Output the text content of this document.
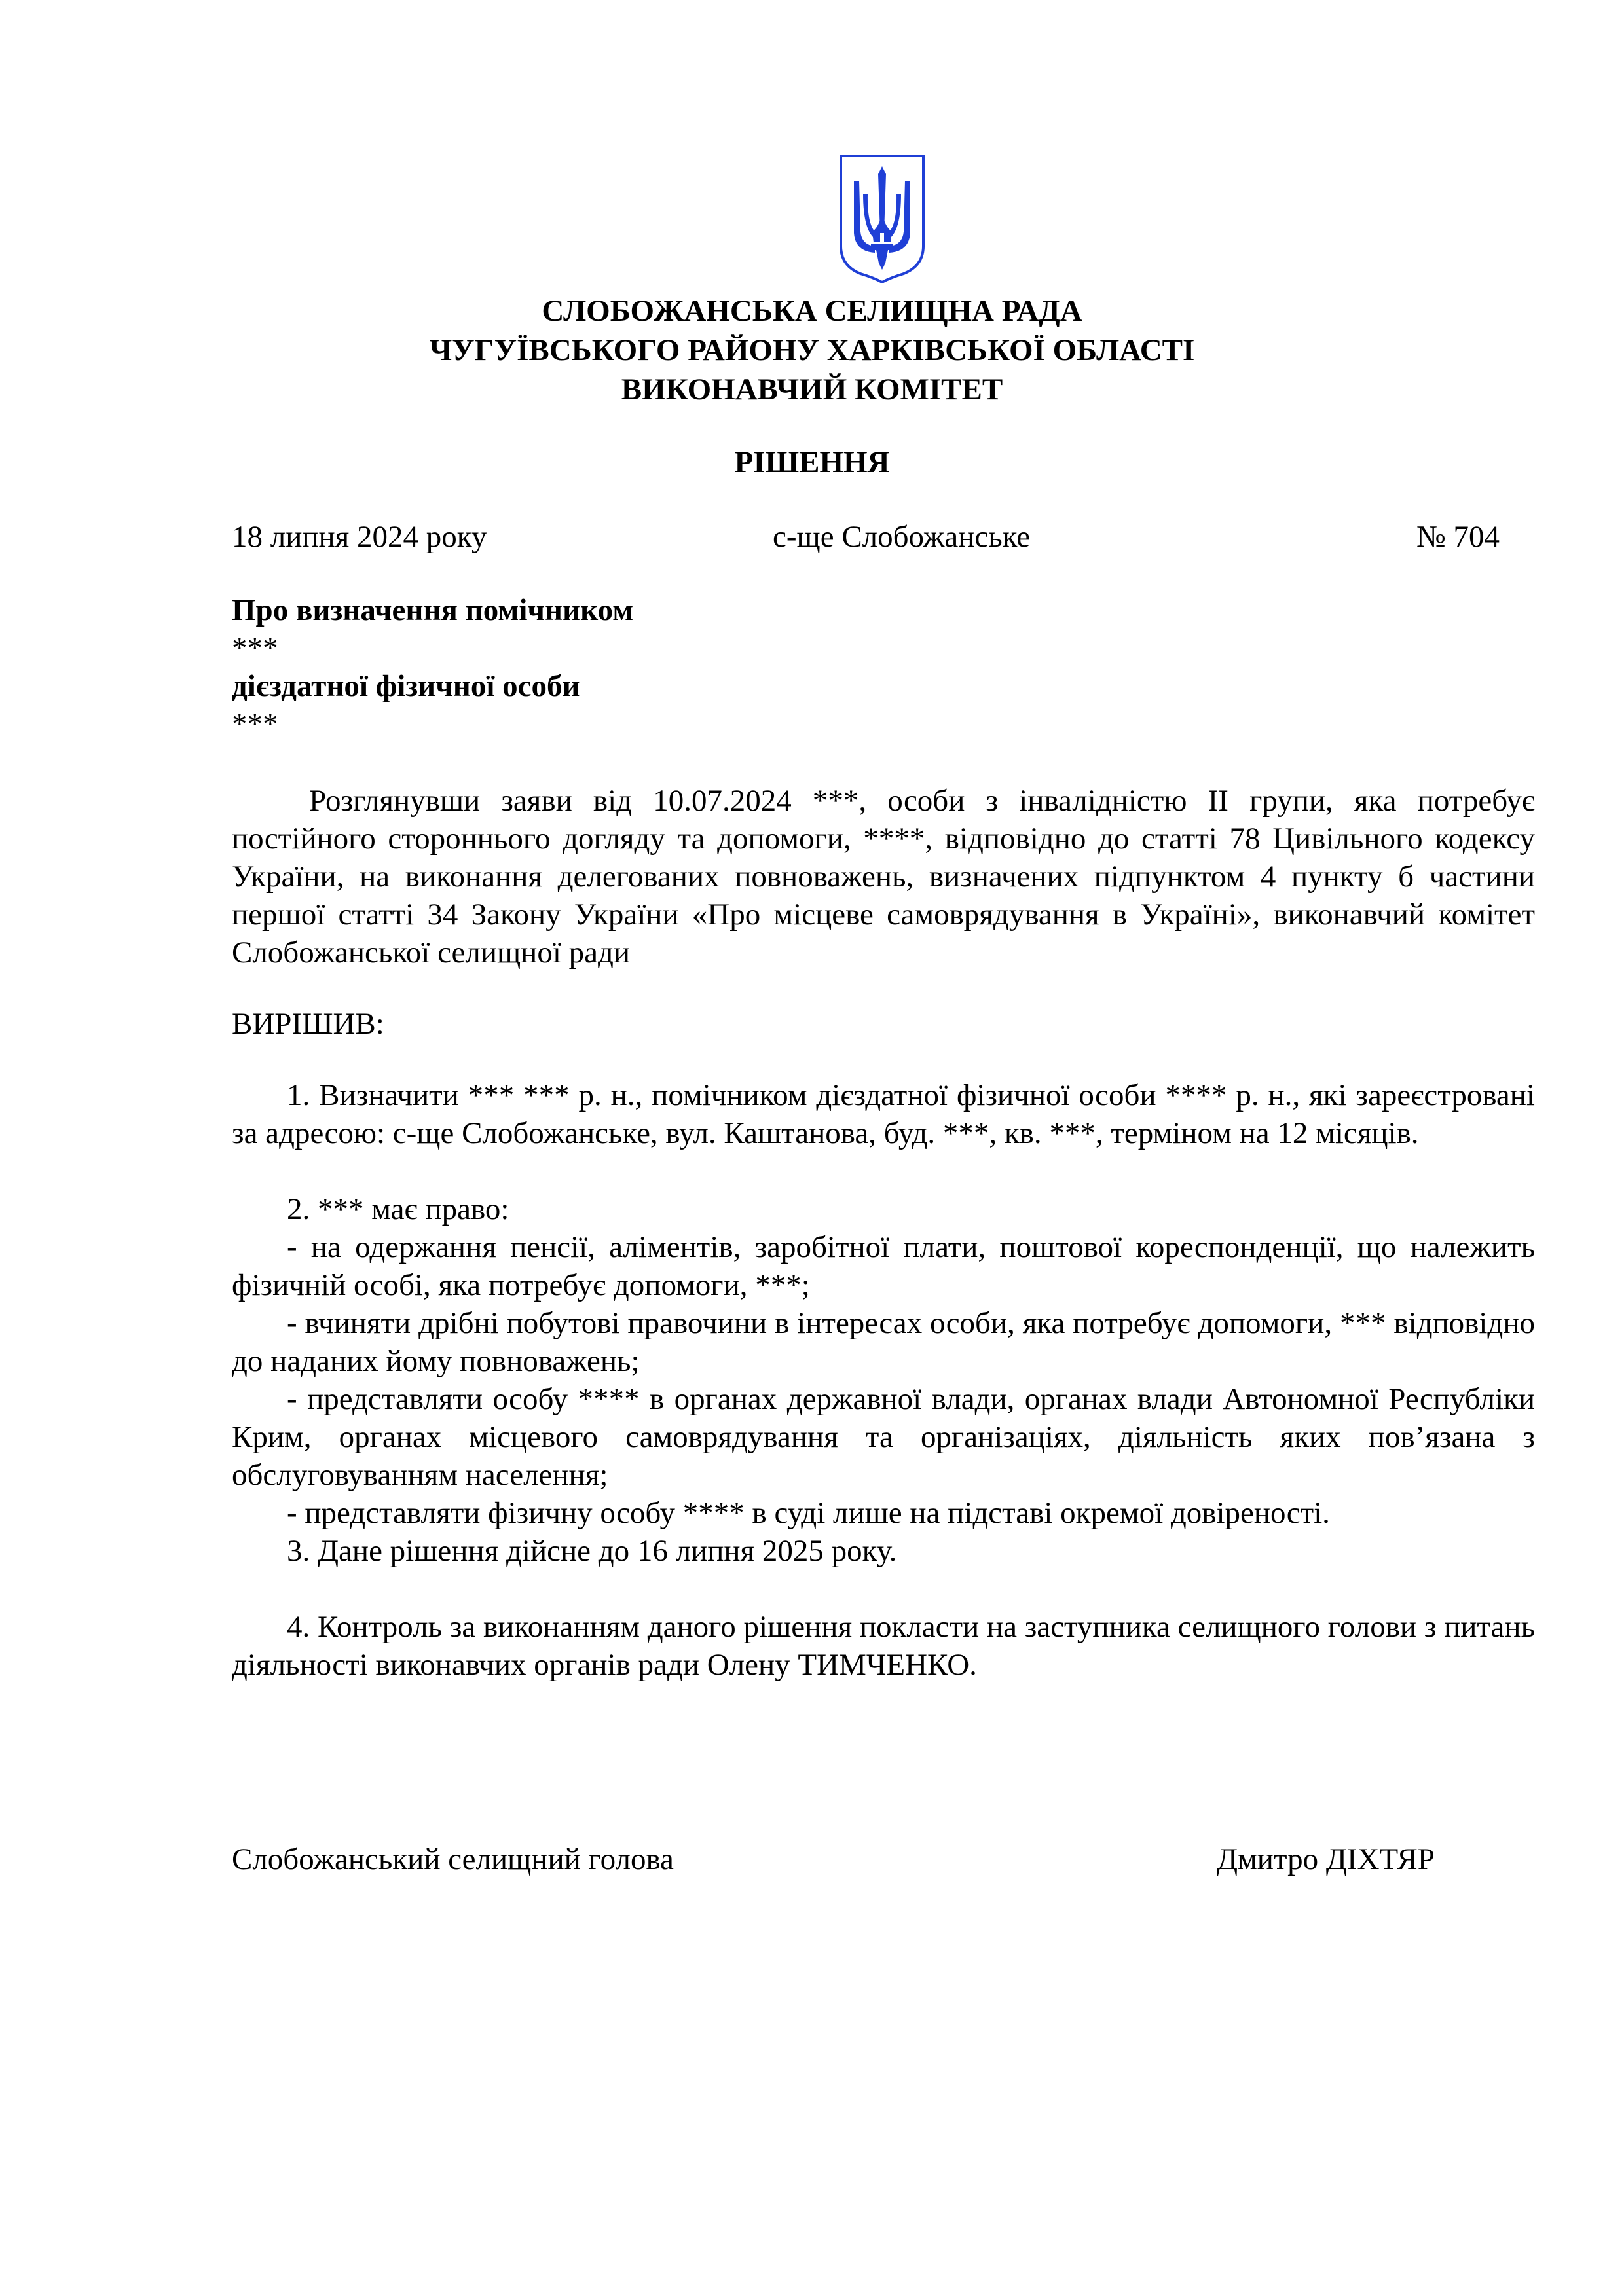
СЛОБОЖАНСЬКА СЕЛИЩНА РАДА

ЧУГУЇВСЬКОГО РАЙОНУ ХАРКІВСЬКОЇ ОБЛАСТІ

ВИКОНАВЧИЙ КОМІТЕТ

РІШЕННЯ

18 липня 2024 року	с-ще Слобожанське	№ 704

Про визначення помічником
***
дієздатної фізичної особи
***

Розглянувши заяви від 10.07.2024 ***, особи з інвалідністю ІІ групи, яка потребує постійного стороннього догляду та допомоги, ****, відповідно до статті 78 Цивільного кодексу України, на виконання делегованих повноважень, визначених підпунктом 4 пункту б частини першої статті 34 Закону України «Про місцеве самоврядування в Україні», виконавчий комітет Слобожанської селищної ради

ВИРІШИВ:

1. Визначити *** *** р. н., помічником дієздатної фізичної особи **** р. н., які зареєстровані за адресою: с-ще Слобожанське, вул. Каштанова, буд. ***, кв. ***, терміном на 12 місяців.

2. *** має право:

- на одержання пенсії, аліментів, заробітної плати, поштової кореспонденції, що належить фізичній особі, яка потребує допомоги, ***;

- вчиняти дрібні побутові правочини в інтересах особи, яка потребує допомоги, *** відповідно до наданих йому повноважень;

- представляти особу **** в органах державної влади, органах влади Автономної Республіки Крим, органах місцевого самоврядування та організаціях, діяльність яких пов’язана з обслуговуванням населення;

- представляти фізичну особу **** в суді лише на підставі окремої довіреності.

3. Дане рішення дійсне до 16 липня 2025 року.

4. Контроль за виконанням даного рішення покласти на заступника селищного голови з питань діяльності виконавчих органів ради Олену ТИМЧЕНКО.

Слобожанський селищний голова	Дмитро ДІХТЯР
